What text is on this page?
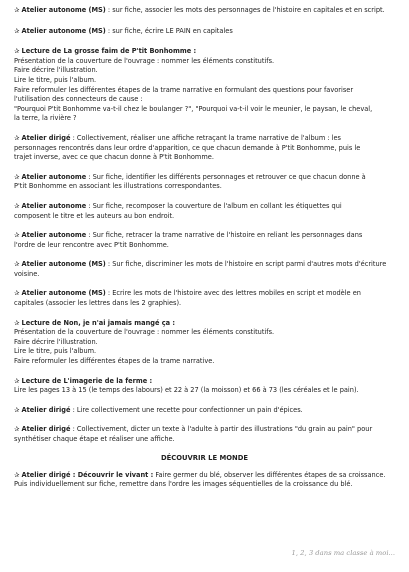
✰ Atelier autonome (MS) : sur fiche, associer les mots des personnages de l'histoire en capitales et en script.

✰ Atelier autonome (MS) : sur fiche, écrire LE PAIN en capitales

✰ Lecture de La grosse faim de P'tit Bonhomme :

Présentation de la couverture de l'ouvrage : nommer les éléments constitutifs.

Faire décrire l'illustration.

Lire le titre, puis l'album.

Faire reformuler les différentes étapes de la trame narrative en formulant des questions pour favoriser

l'utilisation des connecteurs de cause :

"Pourquoi P'tit Bonhomme va-t-il chez le boulanger ?", "Pourquoi va-t-il voir le meunier, le paysan, le cheval,

la terre, la rivière ?

✰ Atelier dirigé : Collectivement, réaliser une affiche retraçant la trame narrative de l'album : les

personnages rencontrés dans leur ordre d'apparition, ce que chacun demande à P'tit Bonhomme, puis le

trajet inverse, avec ce que chacun donne à P'tit Bonhomme.

✰ Atelier autonome : Sur fiche, identifier les différents personnages et retrouver ce que chacun donne à

P'tit Bonhomme en associant les illustrations correspondantes.

✰ Atelier autonome : Sur fiche, recomposer la couverture de l'album en collant les étiquettes qui

composent le titre et les auteurs au bon endroit.

✰ Atelier autonome : Sur fiche, retracer la trame narrative de l'histoire en reliant les personnages dans

l'ordre de leur rencontre avec P'tit Bonhomme.

✰ Atelier autonome (MS) : Sur fiche, discriminer les mots de l'histoire en script parmi d'autres mots d'écriture

voisine.

✰ Atelier autonome (MS) : Ecrire les mots de l'histoire avec des lettres mobiles en script et modèle en

capitales (associer les lettres dans les 2 graphies).

✰ Lecture de Non, je n'ai jamais mangé ça :

Présentation de la couverture de l'ouvrage : nommer les éléments constitutifs.

Faire décrire l'illustration.

Lire le titre, puis l'album.

Faire reformuler les différentes étapes de la trame narrative.

✰ Lecture de L'imagerie de la ferme :

Lire les pages 13 à 15 (le temps des labours) et 22 à 27 (la moisson) et 66 à 73 (les céréales et le pain).

✰ Atelier dirigé : Lire collectivement une recette pour confectionner un pain d'épices.

✰ Atelier dirigé : Collectivement, dicter un texte à l'adulte à partir des illustrations "du grain au pain" pour

synthétiser chaque étape et réaliser une affiche.

DÉCOUVRIR LE MONDE

✰ Atelier dirigé : Découvrir le vivant : Faire germer du blé, observer les différentes étapes de sa croissance.

Puis individuellement sur fiche, remettre dans l'ordre les images séquentielles de la croissance du blé.

1, 2, 3 dans ma classe à moi...
